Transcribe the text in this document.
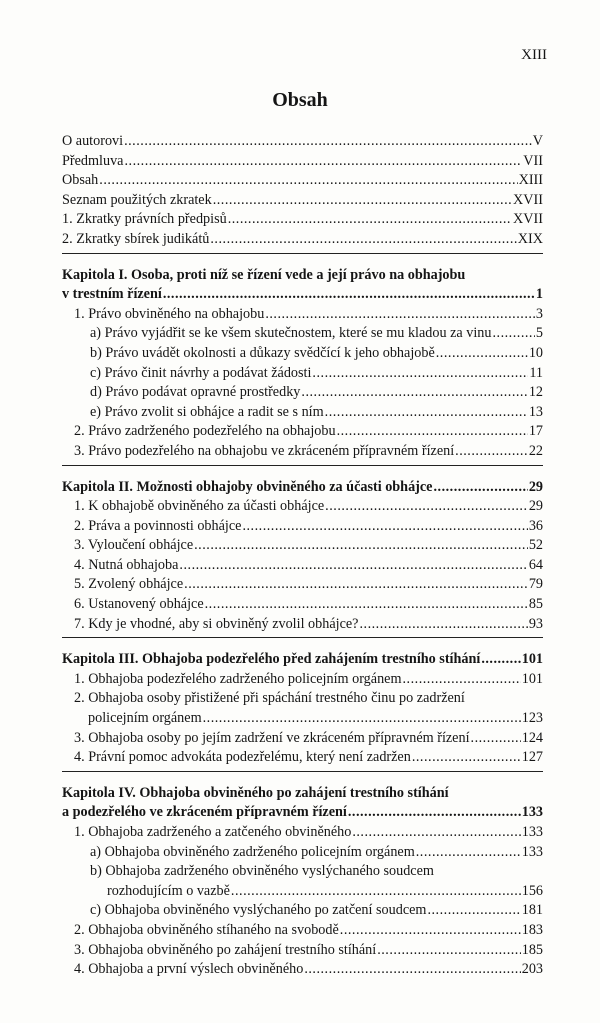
XIII
Obsah
O autorovi .....	V
Předmluva .....	VII
Obsah .....	XIII
Seznam použitých zkratek .....	XVII
1. Zkratky právních předpisů .....	XVII
2. Zkratky sbírek judikátů .....	XIX
Kapitola I. Osoba, proti níž se řízení vede a její právo na obhajobu
v trestním řízení .....	1
1. Právo obviněného na obhajobu .....	3
a) Právo vyjádřit se ke všem skutečnostem, které se mu kladou za vinu .....	5
b) Právo uvádět okolnosti a důkazy svědčící k jeho obhajobě .....	10
c) Právo činit návrhy a podávat žádosti .....	11
d) Právo podávat opravné prostředky .....	12
e) Právo zvolit si obhájce a radit se s ním .....	13
2. Právo zadrženého podezřelého na obhajobu .....	17
3. Právo podezřelého na obhajobu ve zkráceném přípravném řízení .....	22
Kapitola II. Možnosti obhajoby obviněného za účasti obhájce .....	29
1. K obhajobě obviněného za účasti obhájce .....	29
2. Práva a povinnosti obhájce .....	36
3. Vyloučení obhájce .....	52
4. Nutná obhajoba .....	64
5. Zvolený obhájce .....	79
6. Ustanovený obhájce .....	85
7. Kdy je vhodné, aby si obviněný zvolil obhájce? .....	93
Kapitola III. Obhajoba podezřelého před zahájením trestního stíhání .....	101
1. Obhajoba podezřelého zadrženého policejním orgánem .....	101
2. Obhajoba osoby přistižené při spáchání trestného činu po zadržení
policejním orgánem .....	123
3. Obhajoba osoby po jejím zadržení ve zkráceném přípravném řízení .....	124
4. Právní pomoc advokáta podezřelému, který není zadržen .....	127
Kapitola IV. Obhajoba obviněného po zahájení trestního stíhání
a podezřelého ve zkráceném přípravném řízení .....	133
1. Obhajoba zadrženého a zatčeného obviněného .....	133
a) Obhajoba obviněného zadrženého policejním orgánem .....	133
b) Obhajoba zadrženého obviněného vyslýchaného soudcem
rozhodujícím o vazbě .....	156
c) Obhajoba obviněného vyslýchaného po zatčení soudcem .....	181
2. Obhajoba obviněného stíhaného na svobodě .....	183
3. Obhajoba obviněného po zahájení trestního stíhání .....	185
4. Obhajoba a první výslech obviněného .....	203
